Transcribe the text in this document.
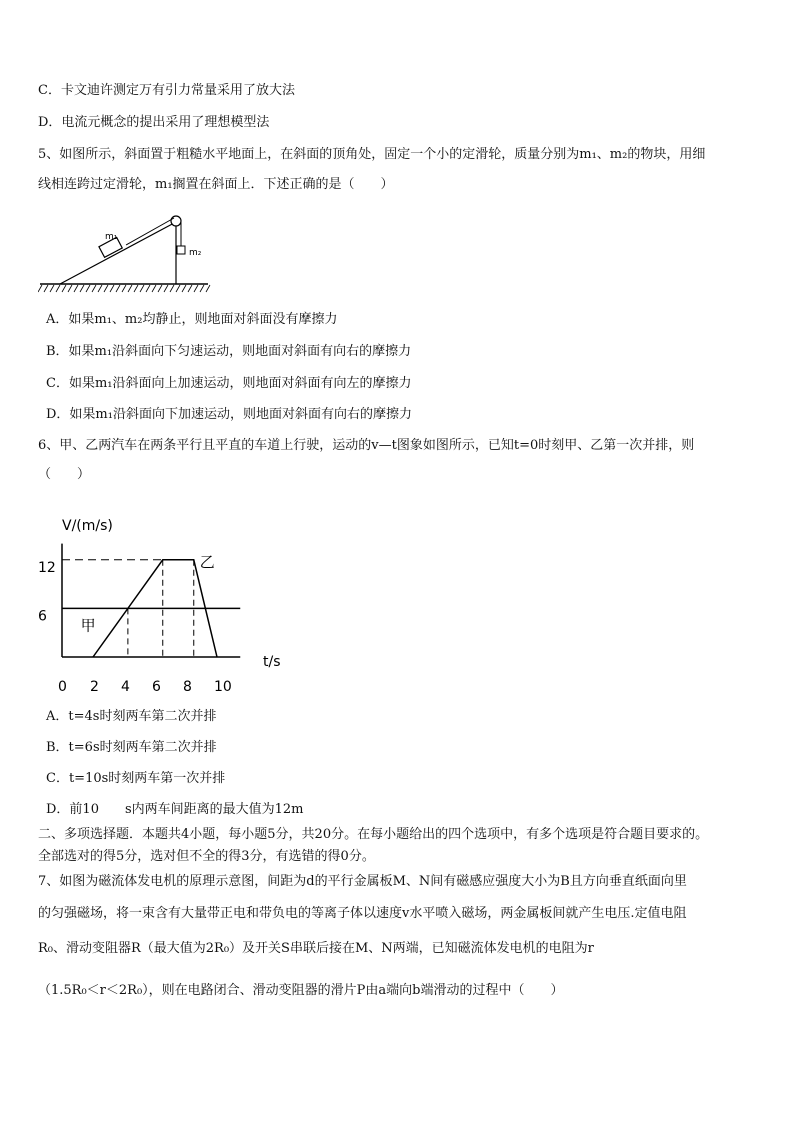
C．卡文迪许测定万有引力常量采用了放大法
D．电流元概念的提出采用了理想模型法
5、如图所示，斜面置于粗糙水平地面上，在斜面的顶角处，固定一个小的定滑轮，质量分别为m₁、m₂的物块，用细
线相连跨过定滑轮，m₁搁置在斜面上．下述正确的是（　　）
m₁
m₂
A．如果m₁、m₂均静止，则地面对斜面没有摩擦力
B．如果m₁沿斜面向下匀速运动，则地面对斜面有向右的摩擦力
C．如果m₁沿斜面向上加速运动，则地面对斜面有向左的摩擦力
D．如果m₁沿斜面向下加速运动，则地面对斜面有向右的摩擦力
6、甲、乙两汽车在两条平行且平直的车道上行驶，运动的v—t图象如图所示，已知t=0时刻甲、乙第一次并排，则
（　　）
V/(m/s)
t/s
甲
乙
0 2 4 6 8 10
6
12
A．t=4s时刻两车第二次并排
B．t=6s时刻两车第二次并排
C．t=10s时刻两车第一次并排
D．前10　　s内两车间距离的最大值为12m
二、多项选择题．本题共4小题，每小题5分，共20分。在每小题给出的四个选项中，有多个选项是符合题目要求的。
全部选对的得5分，选对但不全的得3分，有选错的得0分。
7、如图为磁流体发电机的原理示意图，间距为d的平行金属板M、N间有磁感应强度大小为B且方向垂直纸面向里
的匀强磁场，将一束含有大量带正电和带负电的等离子体以速度v水平喷入磁场，两金属板间就产生电压.定值电阻
R₀、滑动变阻器R（最大值为2R₀）及开关S串联后接在M、N两端，已知磁流体发电机的电阻为r
（1.5R₀＜r＜2R₀），则在电路闭合、滑动变阻器的滑片P由a端向b端滑动的过程中（　　）
